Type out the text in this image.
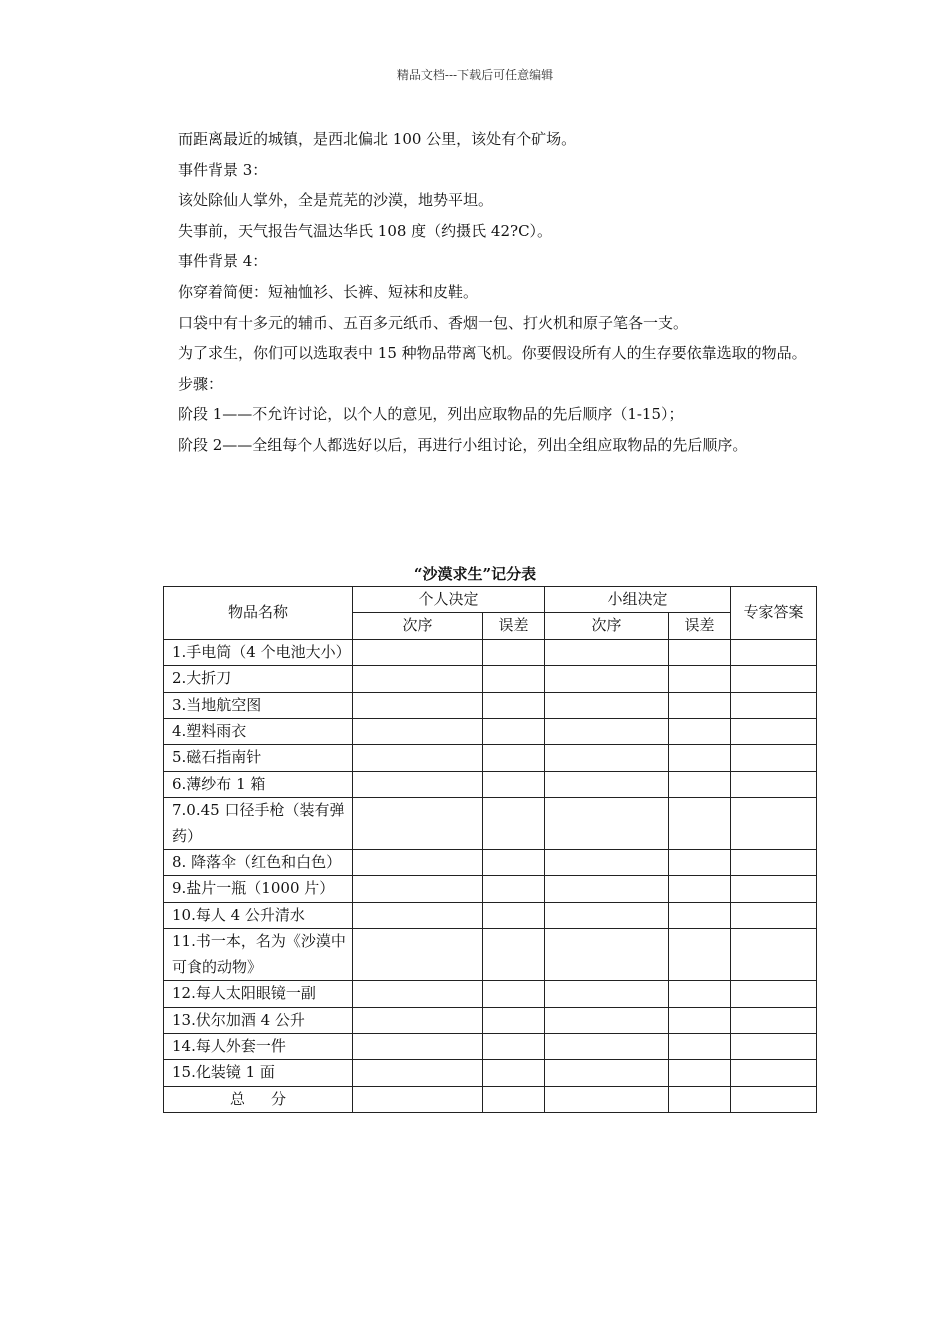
精品文档---下载后可任意编辑

而距离最近的城镇，是西北偏北 100 公里，该处有个矿场。

事件背景 3：

该处除仙人掌外，全是荒芜的沙漠，地势平坦。

失事前，天气报告气温达华氏 108 度（约摄氏 42?C）。

事件背景 4：

你穿着简便：短袖恤衫、长裤、短袜和皮鞋。

口袋中有十多元的辅币、五百多元纸币、香烟一包、打火机和原子笔各一支。

为了求生，你们可以选取表中 15 种物品带离飞机。你要假设所有人的生存要依靠选取的物品。

步骤：

阶段 1——不允许讨论，以个人的意见，列出应取物品的先后顺序（1-15）；

阶段 2——全组每个人都选好以后，再进行小组讨论，列出全组应取物品的先后顺序。

“沙漠求生”记分表
物品名称	个人决定		小组决定		专家答案
	次序	误差	次序	误差	
1.手电筒（4 个电池大小）					
2.大折刀					
3.当地航空图					
4.塑料雨衣					
5.磁石指南针					
6.薄纱布 1 箱					
7.0.45 口径手枪（装有弹药）					
8. 降落伞（红色和白色）					
9.盐片一瓶（1000 片）					
10.每人 4 公升清水					
11.书一本，名为《沙漠中可食的动物》					
12.每人太阳眼镜一副					
13.伏尔加酒 4 公升					
14.每人外套一件					
15.化装镜 1 面					
总 分					
